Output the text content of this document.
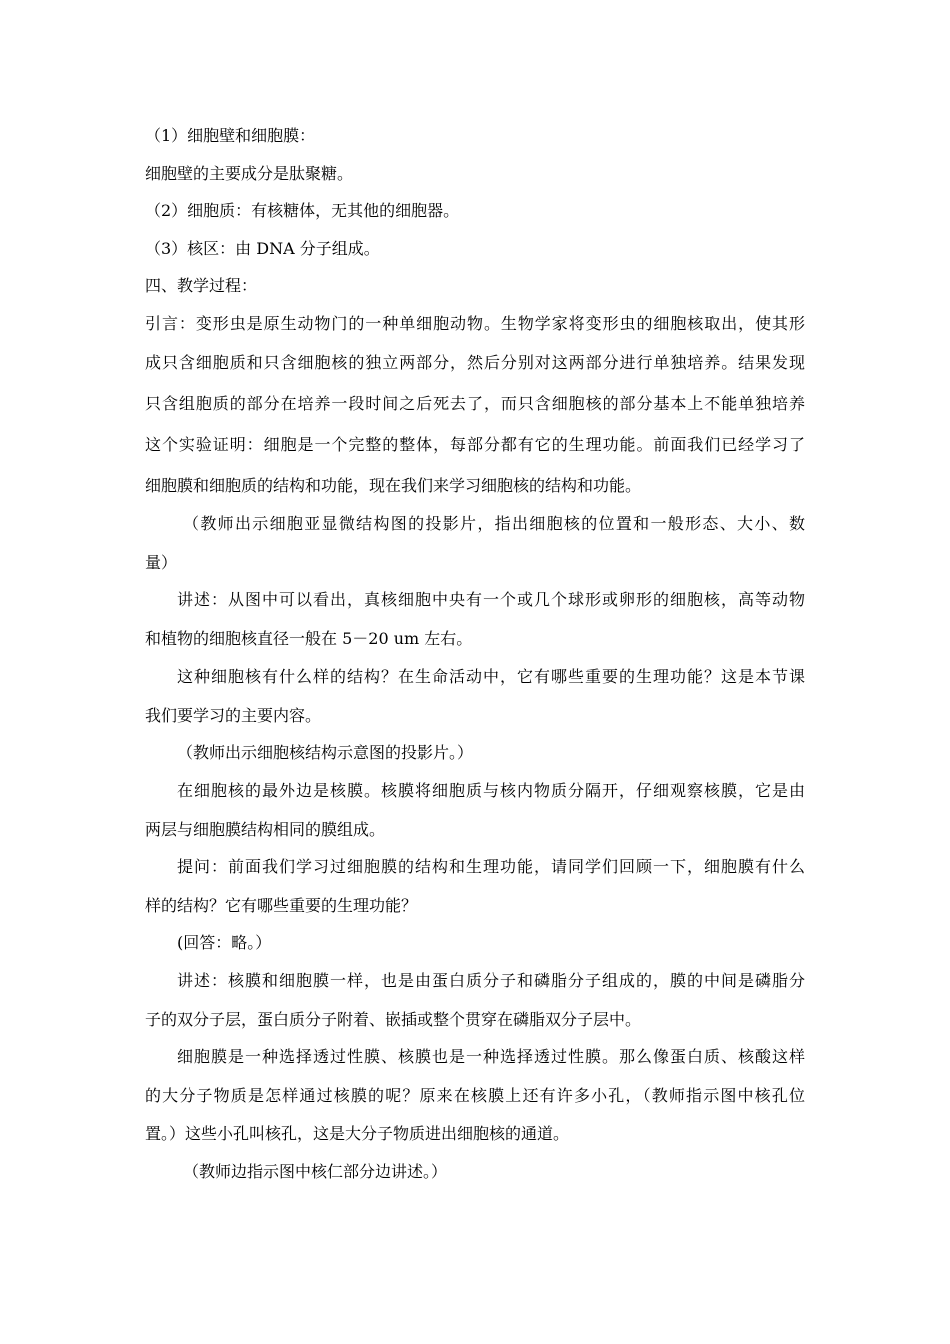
（1）细胞壁和细胞膜：
细胞壁的主要成分是肽聚糖。
（2）细胞质：有核糖体，无其他的细胞器。
（3）核区：由 DNA 分子组成。
四、教学过程：
引言：变形虫是原生动物门的一种单细胞动物。生物学家将变形虫的细胞核取出，使其形
成只含细胞质和只含细胞核的独立两部分，然后分别对这两部分进行单独培养。结果发现
只含组胞质的部分在培养一段时间之后死去了，而只含细胞核的部分基本上不能单独培养
这个实验证明：细胞是一个完整的整体，每部分都有它的生理功能。前面我们已经学习了
细胞膜和细胞质的结构和功能，现在我们来学习细胞核的结构和功能。
（教师出示细胞亚显微结构图的投影片，指出细胞核的位置和一般形态、大小、数
量）
讲述：从图中可以看出，真核细胞中央有一个或几个球形或卵形的细胞核，高等动物
和植物的细胞核直径一般在 5－20 um 左右。
这种细胞核有什么样的结构？在生命活动中，它有哪些重要的生理功能？这是本节课
我们要学习的主要内容。
（教师出示细胞核结构示意图的投影片。）
在细胞核的最外边是核膜。核膜将细胞质与核内物质分隔开，仔细观察核膜，它是由
两层与细胞膜结构相同的膜组成。
提问：前面我们学习过细胞膜的结构和生理功能，请同学们回顾一下，细胞膜有什么
样的结构？它有哪些重要的生理功能？
(回答：略。）
讲述：核膜和细胞膜一样，也是由蛋白质分子和磷脂分子组成的，膜的中间是磷脂分
子的双分子层，蛋白质分子附着、嵌插或整个贯穿在磷脂双分子层中。
细胞膜是一种选择透过性膜、核膜也是一种选择透过性膜。那么像蛋白质、核酸这样
的大分子物质是怎样通过核膜的呢？原来在核膜上还有许多小孔，（教师指示图中核孔位
置。）这些小孔叫核孔，这是大分子物质进出细胞核的通道。
（教师边指示图中核仁部分边讲述。）
